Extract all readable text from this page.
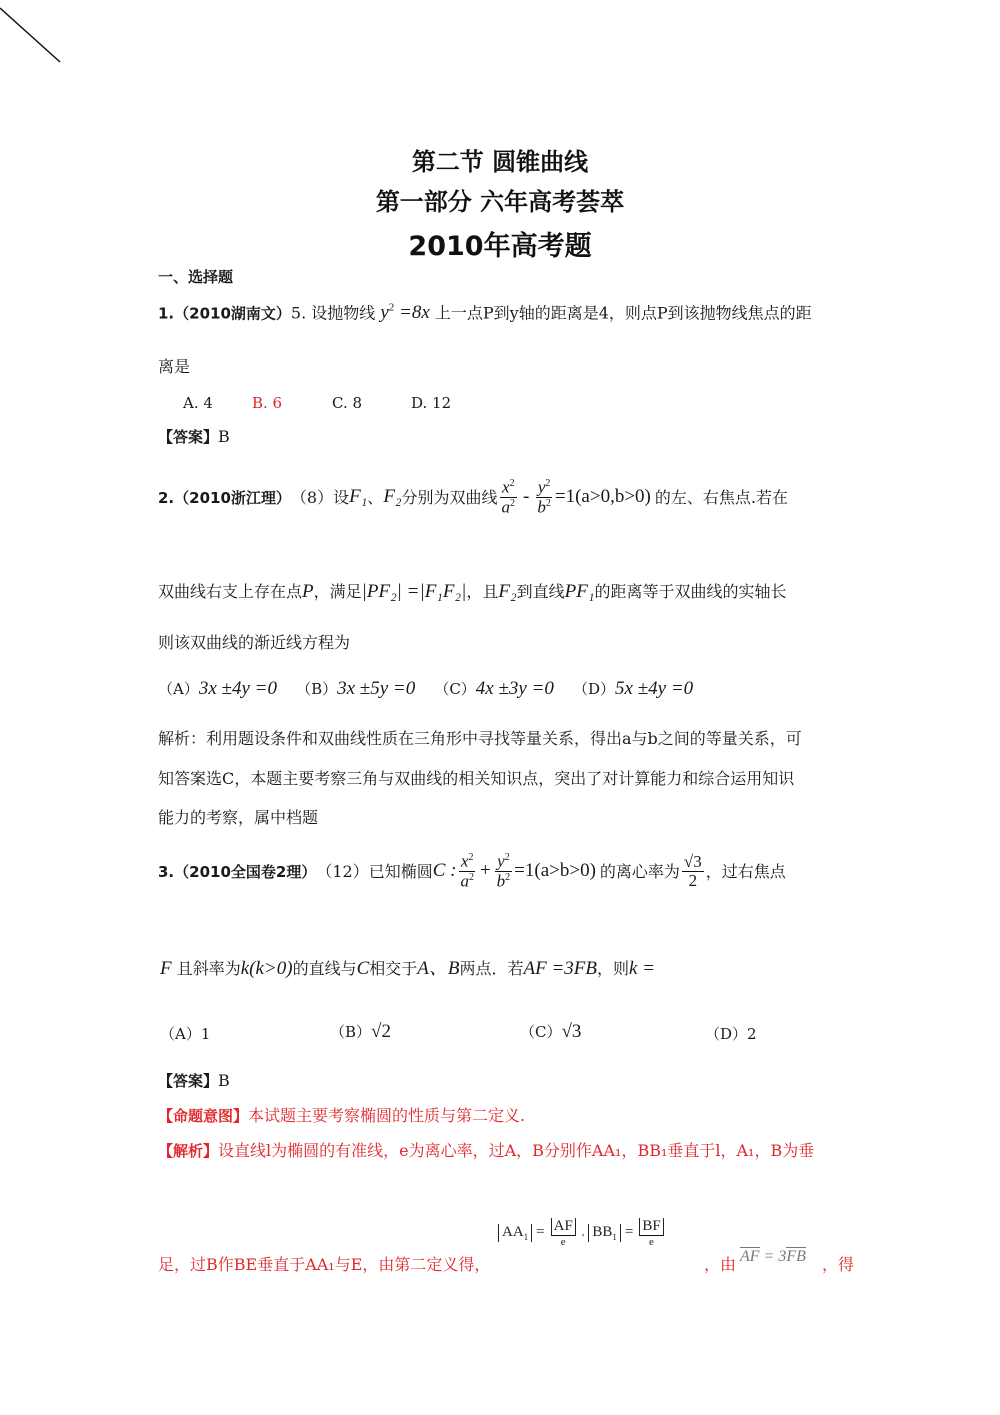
第二节 圆锥曲线
第一部分 六年高考荟萃
2010年高考题
一、选择题
1.（2010湖南文）5. 设抛物线 $y^2 =8x$ 上一点P到y轴的距离是4，则点P到该抛物线焦点的距
离是
A. 4	B. 6	C. 8	D. 12
【答案】B
2.（2010浙江理） （8）设 F₁ 、 F₂ 分别为双曲线 $\frac{x^2}{a^2} - \frac{y^2}{b^2} =1(a>0,b>0)$ 的左、右焦点.若在
双曲线右支上存在点P，满足|PF₂| =|F₁F₂|，且F₂到直线PF₁的距离等于双曲线的实轴长
则该双曲线的渐近线方程为
（A）3x ±4y =0 （B）3x ±5y =0 （C）4x ±3y =0 （D）5x ±4y =0
解析：利用题设条件和双曲线性质在三角形中寻找等量关系，得出a与b之间的等量关系，可
知答案选C，本题主要考察三角与双曲线的相关知识点，突出了对计算能力和综合运用知识
能力的考察，属中档题
3.（2010全国卷2理） （12）已知椭圆 C : $\frac{x^2}{a^2} + \frac{y^2}{b^2} =1(a>b>0)$ 的离心率为 $\frac{√3}{2}$ ，过右焦点
F 且斜率为k(k>0)的直线与C相交于A、B两点．若AF =3FB，则k =
（A）1	（B）√2	（C）√3	（D）2
【答案】B
【命题意图】本试题主要考察椭圆的性质与第二定义.
【解析】设直线l为椭圆的有准线，e为离心率，过A，B分别作AA₁，BB₁垂直于l，A₁，B为垂
足，过B作BE垂直于AA₁与E，由第二定义得，
$AA_1 = \frac{AF}{e}$ , $BB_1 = \frac{BF}{e}$
，由 AF = 3FB ，得
